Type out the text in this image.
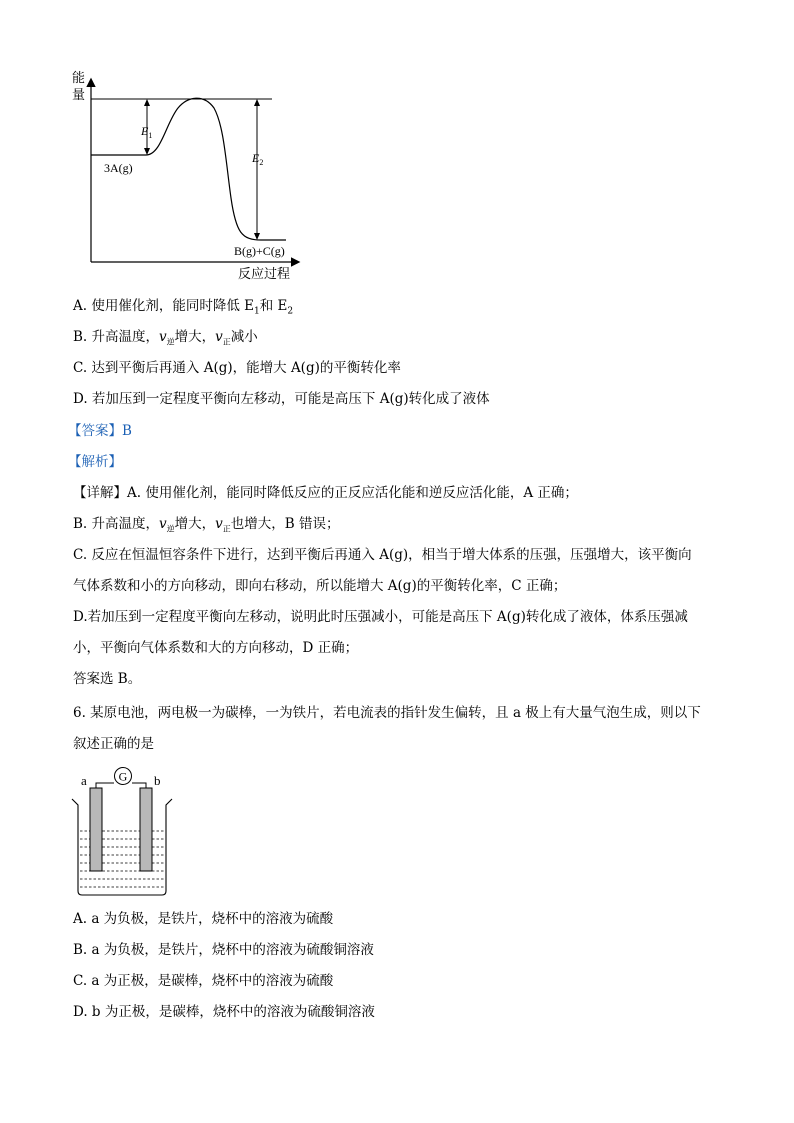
能
量
$E_1$
$E_2$
3A(g)
B(g)+C(g)
反应过程
A. 使用催化剂，能同时降低 $E_1$和 $E_2$
B. 升高温度，$v_逆$增大，$v_正$减小
C. 达到平衡后再通入 A(g)，能增大 A(g)的平衡转化率
D. 若加压到一定程度平衡向左移动，可能是高压下 A(g)转化成了液体
【答案】B
【解析】
【详解】A. 使用催化剂，能同时降低反应的正反应活化能和逆反应活化能，A 正确；
B. 升高温度，$v_逆$增大，$v_正$也增大，B 错误；
C. 反应在恒温恒容条件下进行，达到平衡后再通入 A(g)，相当于增大体系的压强，压强增大，该平衡向
气体系数和小的方向移动，即向右移动，所以能增大 A(g)的平衡转化率，C 正确；
D.若加压到一定程度平衡向左移动，说明此时压强减小，可能是高压下 A(g)转化成了液体，体系压强减
小，平衡向气体系数和大的方向移动，D 正确；
答案选 B。
6. 某原电池，两电极一为碳棒，一为铁片，若电流表的指针发生偏转，且 a 极上有大量气泡生成，则以下
叙述正确的是
G
a	b
A. a 为负极，是铁片，烧杯中的溶液为硫酸
B. a 为负极，是铁片，烧杯中的溶液为硫酸铜溶液
C. a 为正极，是碳棒，烧杯中的溶液为硫酸
D. b 为正极，是碳棒，烧杯中的溶液为硫酸铜溶液
